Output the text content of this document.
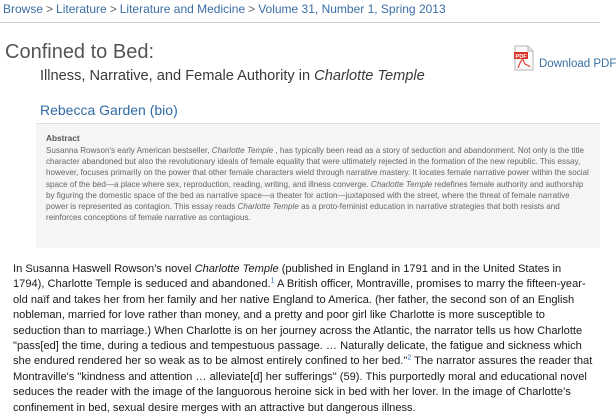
Browse > Literature > Literature and Medicine > Volume 31, Number 1, Spring 2013
Confined to Bed:
Illness, Narrative, and Female Authority in Charlotte Temple
Rebecca Garden (bio)
PDF
Download PDF
Abstract
Susanna Rowson's early American bestseller, Charlotte Temple , has typically been read as a story of seduction and abandonment. Not only is the title character abandoned but also the revolutionary ideals of female equality that were ultimately rejected in the formation of the new republic. This essay, however, focuses primarily on the power that other female characters wield through narrative mastery. It locates female narrative power within the social space of the bed—a place where sex, reproduction, reading, writing, and illness converge. Charlotte Temple redefines female authority and authorship by figuring the domestic space of the bed as narrative space—a theater for action—juxtaposed with the street, where the threat of female narrative power is represented as contagion. This essay reads Charlotte Temple as a proto-feminist education in narrative strategies that both resists and reinforces conceptions of female narrative as contagious.
In Susanna Haswell Rowson's novel Charlotte Temple (published in England in 1791 and in the United States in 1794), Charlotte Temple is seduced and abandoned.$^1$ A British officer, Montraville, promises to marry the fifteen-year-old naïf and takes her from her family and her native England to America. (her father, the second son of an English nobleman, married for love rather than money, and a pretty and poor girl like Charlotte is more susceptible to seduction than to marriage.) When Charlotte is on her journey across the Atlantic, the narrator tells us how Charlotte "pass[ed] the time, during a tedious and tempestuous passage. … Naturally delicate, the fatigue and sickness which she endured rendered her so weak as to be almost entirely confined to her bed."$^2$ The narrator assures the reader that Montraville's "kindness and attention … alleviate[d] her sufferings" (59). This purportedly moral and educational novel seduces the reader with the image of the languorous heroine sick in bed with her lover. In the image of Charlotte's confinement in bed, sexual desire merges with an attractive but dangerous illness.
